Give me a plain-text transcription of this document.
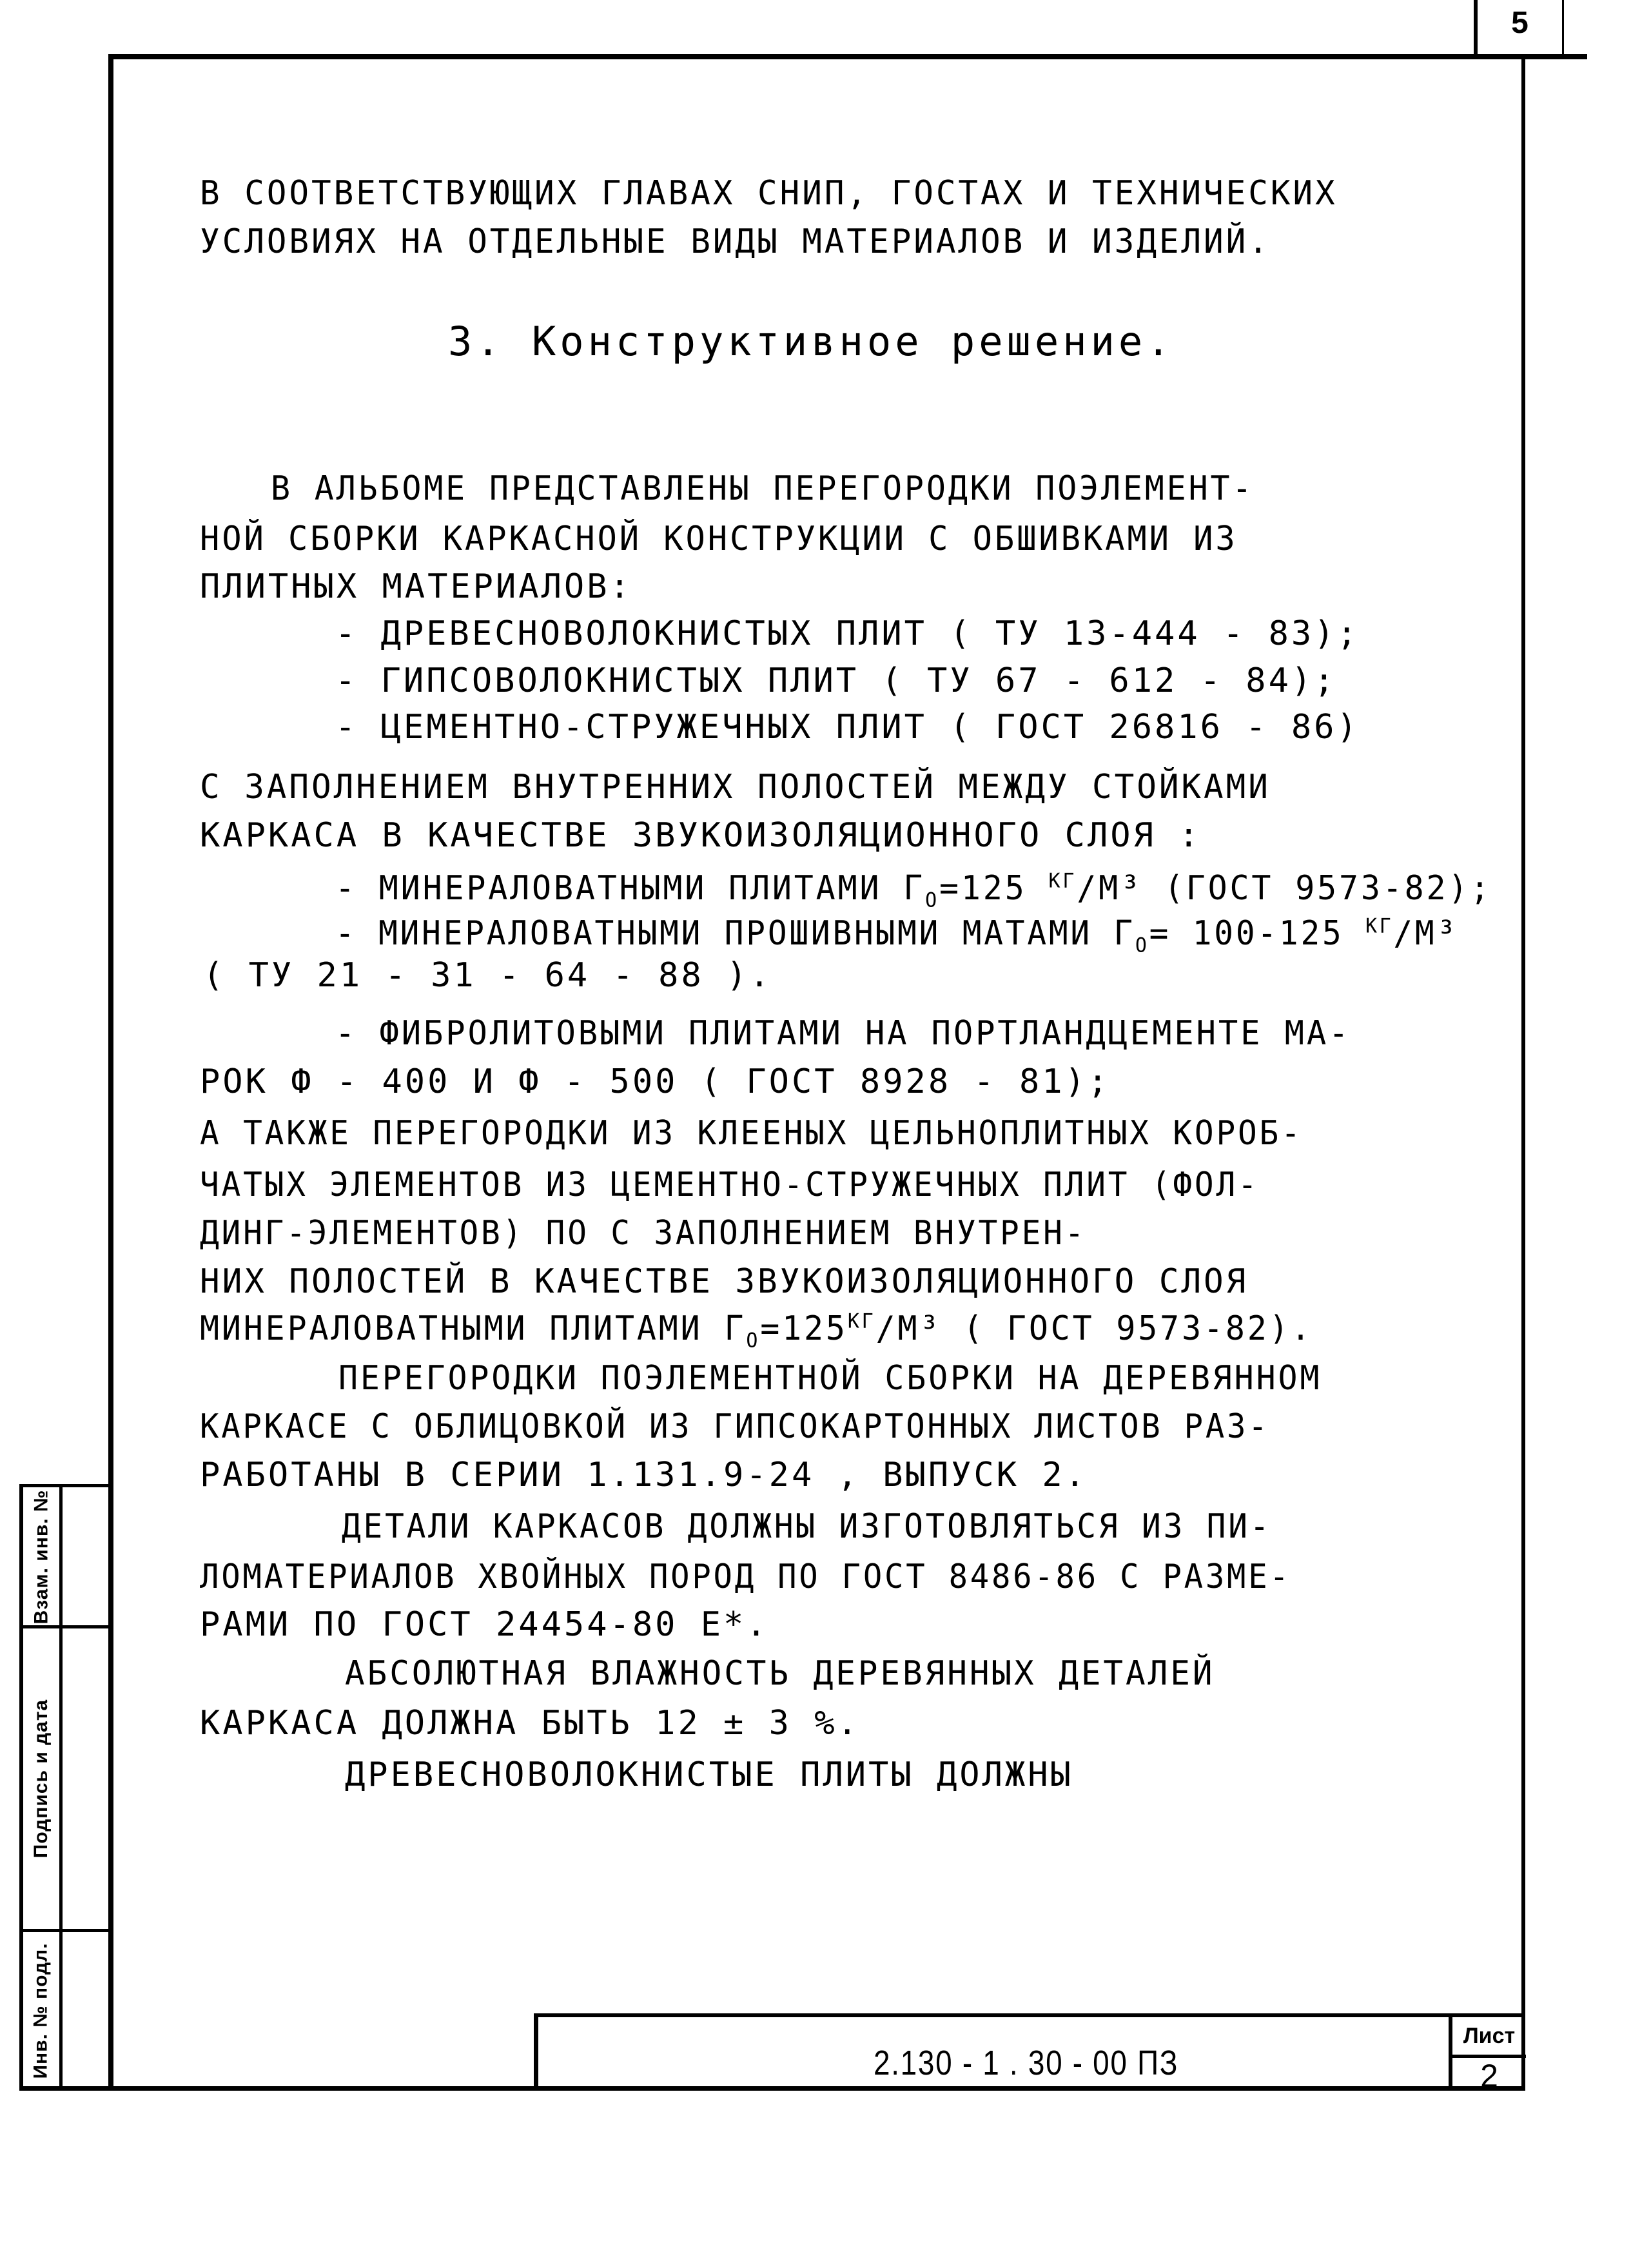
5
Взам. инв. №
Подпись и дата
Инв. № подл.
В СООТВЕТСТВУЮЩИХ ГЛАВАХ СНИП, ГОСТАХ И ТЕХНИЧЕСКИХ
УСЛОВИЯХ НА ОТДЕЛЬНЫЕ ВИДЫ МАТЕРИАЛОВ И ИЗДЕЛИЙ.
3. Конструктивное решение.
В АЛЬБОМЕ ПРЕДСТАВЛЕНЫ ПЕРЕГОРОДКИ ПОЭЛЕМЕНТ-
НОЙ СБОРКИ КАРКАСНОЙ КОНСТРУКЦИИ С ОБШИВКАМИ ИЗ
ПЛИТНЫХ МАТЕРИАЛОВ:
- ДРЕВЕСНОВОЛОКНИСТЫХ ПЛИТ ( ТУ 13-444 - 83);
- ГИПСОВОЛОКНИСТЫХ ПЛИТ ( ТУ 67 - 612 - 84);
- ЦЕМЕНТНО-СТРУЖЕЧНЫХ ПЛИТ ( ГОСТ 26816 - 86)
С ЗАПОЛНЕНИЕМ ВНУТРЕННИХ ПОЛОСТЕЙ МЕЖДУ СТОЙКАМИ
КАРКАСА В КАЧЕСТВЕ ЗВУКОИЗОЛЯЦИОННОГО СЛОЯ :
- МИНЕРАЛОВАТНЫМИ ПЛИТАМИ $\Gamma_O=125$ $^{КГ}$/М³ (ГОСТ 9573-82);
- МИНЕРАЛОВАТНЫМИ ПРОШИВНЫМИ МАТАМИ $\Gamma_O= 100-125$ $^{КГ}$/М³
( ТУ 21 - 31 - 64 - 88 ).
- ФИБРОЛИТОВЫМИ ПЛИТАМИ НА ПОРТЛАНДЦЕМЕНТЕ МА-
РОК Ф - 400 И Ф - 500 ( ГОСТ 8928 - 81);
А ТАКЖЕ ПЕРЕГОРОДКИ ИЗ КЛЕЕНЫХ ЦЕЛЬНОПЛИТНЫХ КОРОБ-
ЧАТЫХ ЭЛЕМЕНТОВ ИЗ ЦЕМЕНТНО-СТРУЖЕЧНЫХ ПЛИТ (ФОЛ-
ДИНГ-ЭЛЕМЕНТОВ) ПО С ЗАПОЛНЕНИЕМ ВНУТРЕН-
НИХ ПОЛОСТЕЙ В КАЧЕСТВЕ ЗВУКОИЗОЛЯЦИОННОГО СЛОЯ
МИНЕРАЛОВАТНЫМИ ПЛИТАМИ $\Gamma_O=125^{КГ}/М^3$ ( ГОСТ 9573-82).
ПЕРЕГОРОДКИ ПОЭЛЕМЕНТНОЙ СБОРКИ НА ДЕРЕВЯННОМ
КАРКАСЕ С ОБЛИЦОВКОЙ ИЗ ГИПСОКАРТОННЫХ ЛИСТОВ РАЗ-
РАБОТАНЫ В СЕРИИ 1.131.9-24 , ВЫПУСК 2.
ДЕТАЛИ КАРКАСОВ ДОЛЖНЫ ИЗГОТОВЛЯТЬСЯ ИЗ ПИ-
ЛОМАТЕРИАЛОВ ХВОЙНЫХ ПОРОД ПО ГОСТ 8486-86 С РАЗМЕ-
РАМИ ПО ГОСТ 24454-80 Е*.
АБСОЛЮТНАЯ ВЛАЖНОСТЬ ДЕРЕВЯННЫХ ДЕТАЛЕЙ
КАРКАСА ДОЛЖНА БЫТЬ 12 ± 3 %.
ДРЕВЕСНОВОЛОКНИСТЫЕ ПЛИТЫ ДОЛЖНЫ
2.130 - 1 . 30 - 00 ПЗ
Лист
2
